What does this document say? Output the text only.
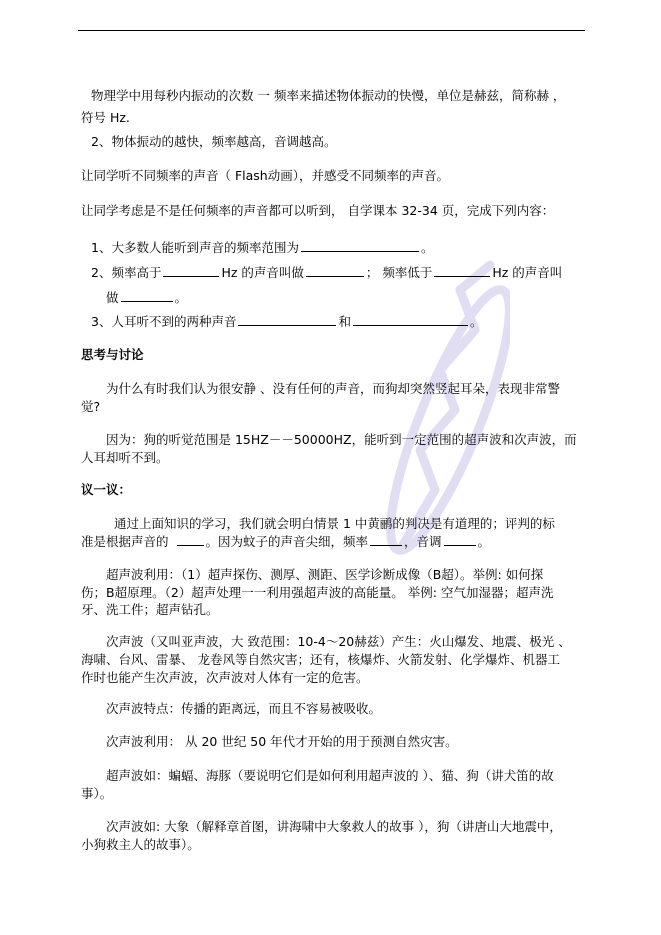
物理学中用每秒内振动的次数 一 频率来描述物体振动的快慢，单位是赫兹，简称赫 ，
符号 Hz.
2、物体振动的越快，频率越高，音调越高。
让同学听不同频率的声音（ Flash动画），并感受不同频率的声音。
让同学考虑是不是任何频率的声音都可以听到， 自学课本 32-34 页，完成下列内容：
1、大多数人能听到声音的频率范围为	。
2、频率高于	Hz 的声音叫做	； 频率低于	Hz 的声音叫
做	。
3、人耳听不到的两种声音	和	。
思考与讨论
为什么有时我们认为很安静 、没有任何的声音，而狗却突然竖起耳朵，表现非常警
觉?
因为：狗的听觉范围是 15HZ－－50000HZ，能听到一定范围的超声波和次声波，而
人耳却听不到。
议一议：
通过上面知识的学习，我们就会明白情景 1 中黄鹂的判决是有道理的；评判的标
准是根据声音的	。因为蚊子的声音尖细，频率	，音调	。
超声波利用：（1）超声探伤、测厚、测距、医学诊断成像（B超）。举例: 如何探
伤；B超原理。（2）超声处理一一利用强超声波的高能量。 举例: 空气加湿器；超声洗
牙、洗工件；超声钻孔。
次声波（又叫亚声波，大 致范围：10-4～20赫兹）产生：火山爆发、地震、极光 、
海啸、台风、雷暴、 龙卷风等自然灾害；还有，核爆炸、火箭发射、化学爆炸、机器工
作时也能产生次声波，次声波对人体有一定的危害。
次声波特点：传播的距离远，而且不容易被吸收。
次声波利用： 从 20 世纪 50 年代才开始的用于预测自然灾害。
超声波如：蝙蝠、海豚（要说明它们是如何利用超声波的 ）、猫、狗（讲犬笛的故
事）。
次声波如: 大象（解释章首图，讲海啸中大象救人的故事 ），狗（讲唐山大地震中，
小狗救主人的故事）。
